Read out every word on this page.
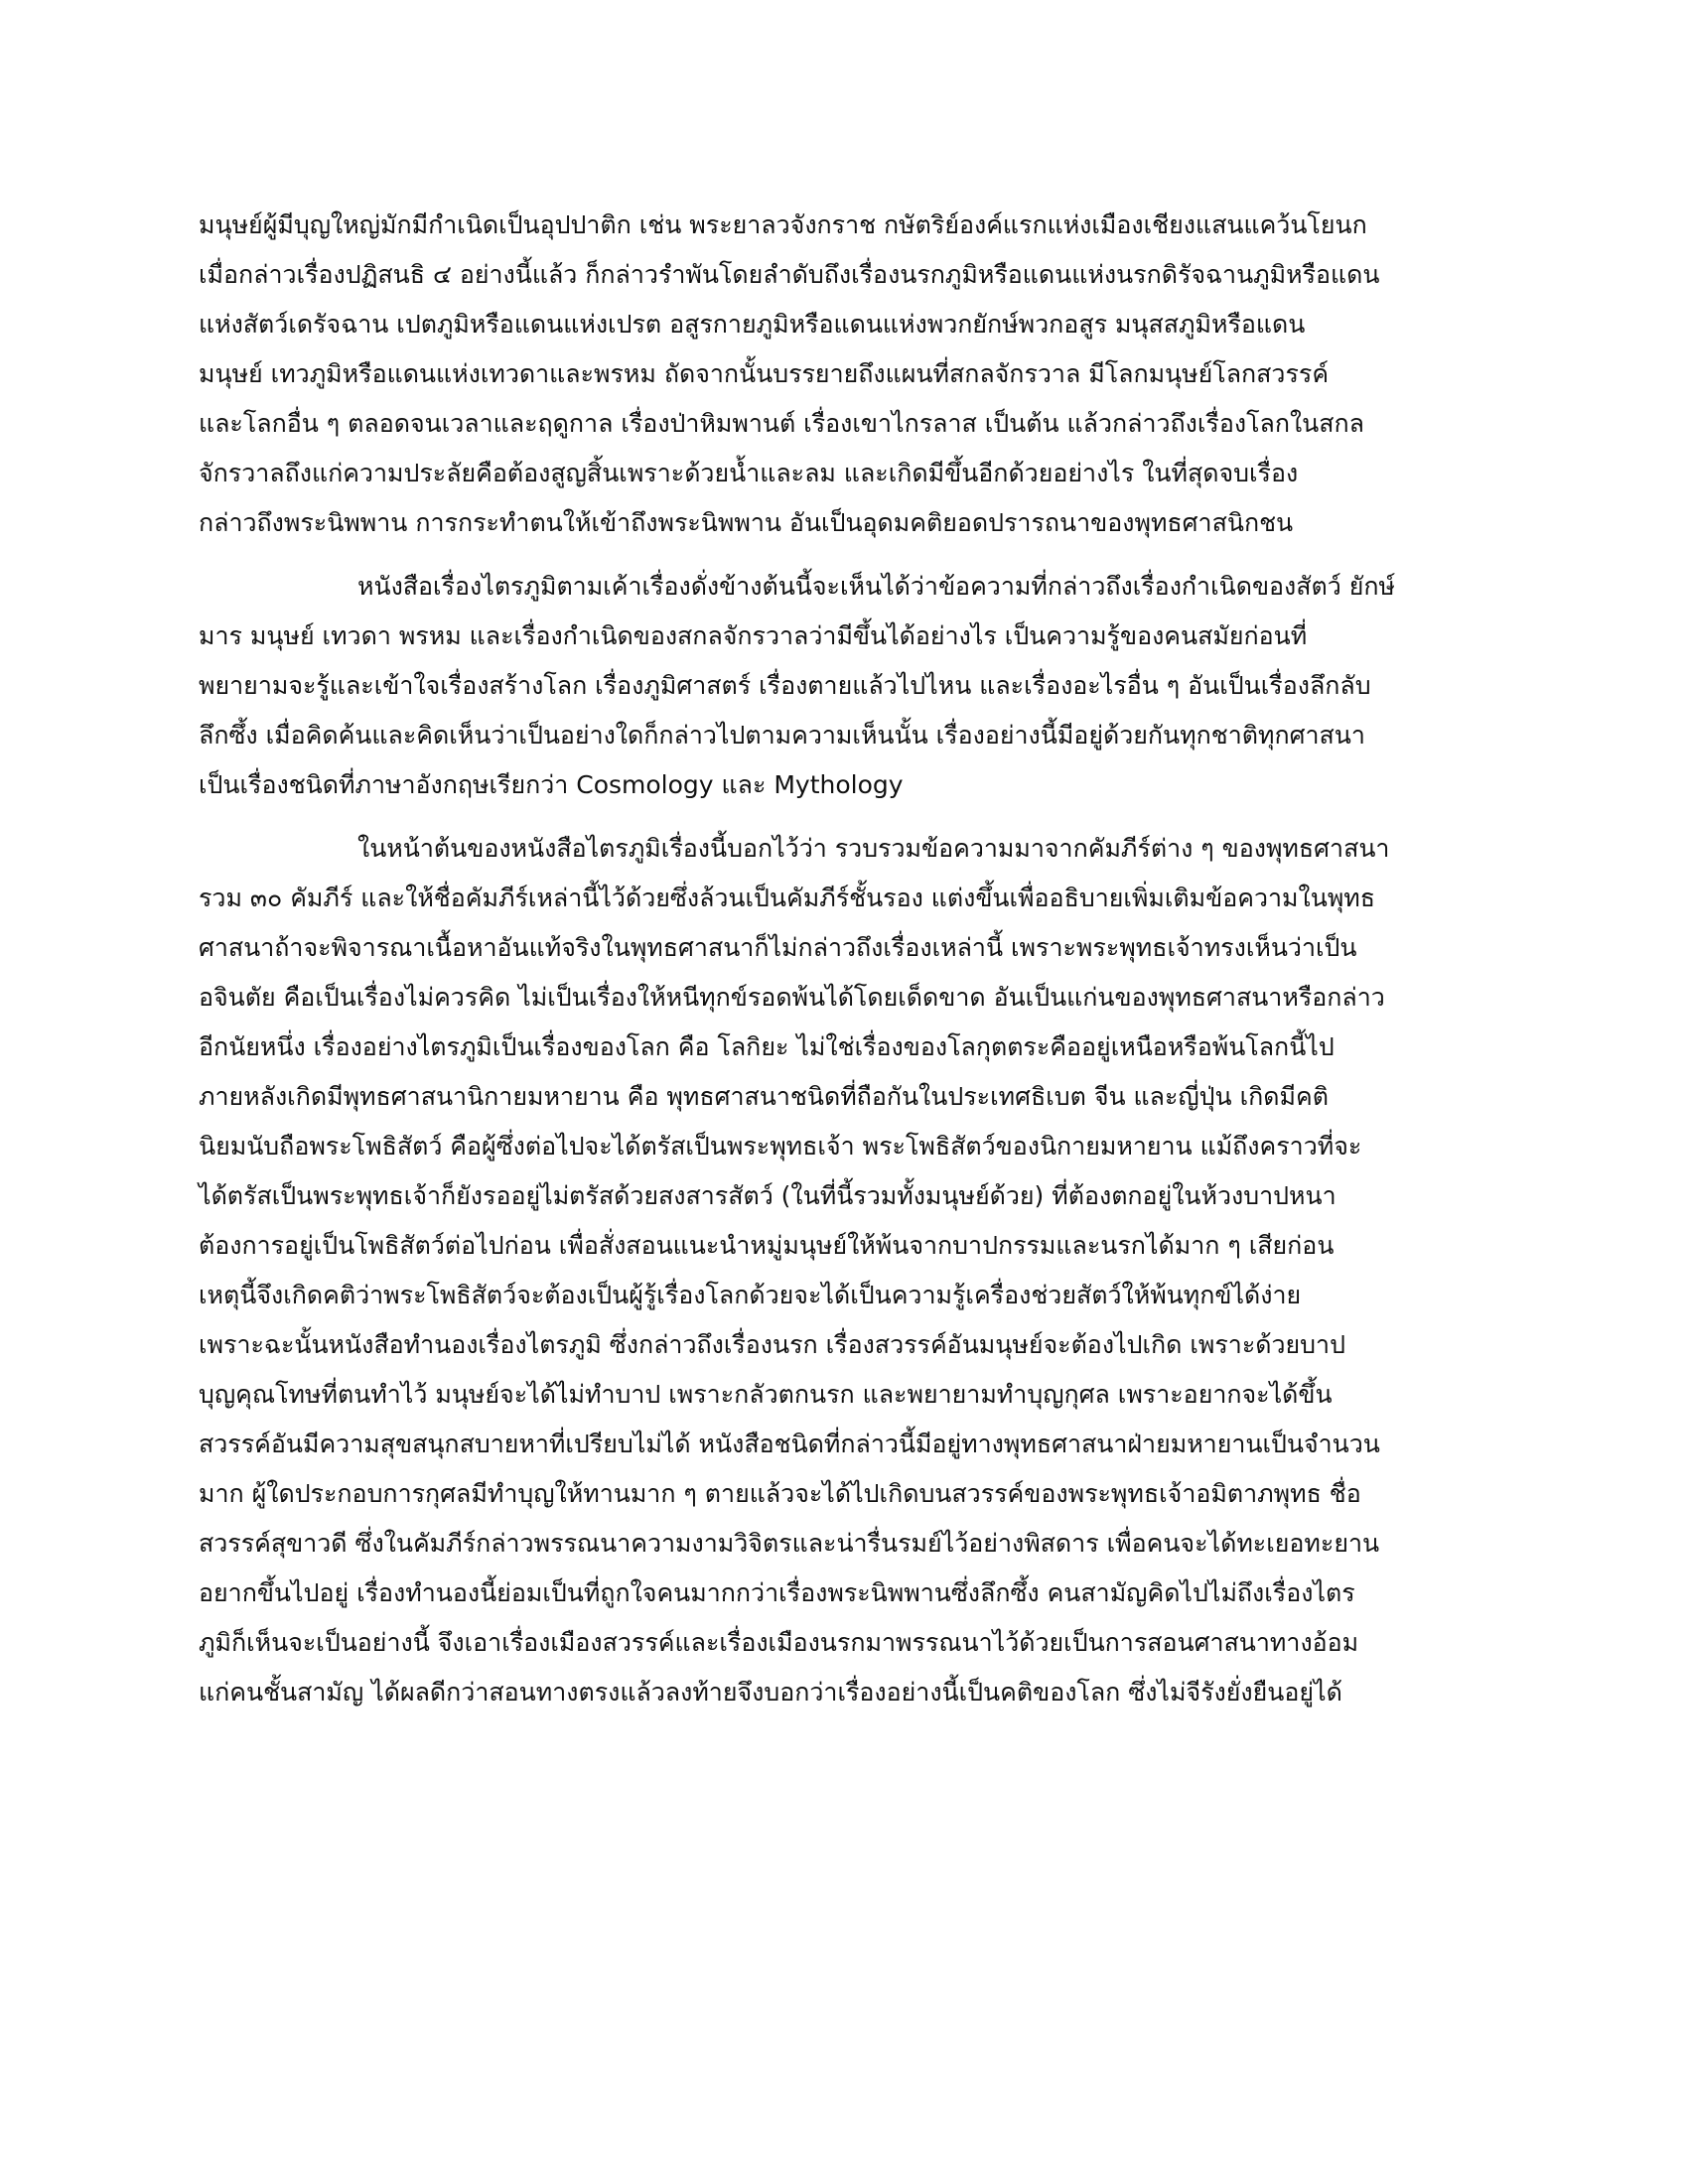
มนุษย์ผู้มีบุญใหญ่มักมีกำเนิดเป็นอุปปาติก เช่น พระยาลวจังกราช กษัตริย์องค์แรกแห่งเมืองเชียงแสนแคว้นโยนก
เมื่อกล่าวเรื่องปฏิสนธิ ๔ อย่างนี้แล้ว ก็กล่าวรำพันโดยลำดับถึงเรื่องนรกภูมิหรือแดนแห่งนรกดิรัจฉานภูมิหรือแดน
แห่งสัตว์เดรัจฉาน เปตภูมิหรือแดนแห่งเปรต อสูรกายภูมิหรือแดนแห่งพวกยักษ์พวกอสูร มนุสสภูมิหรือแดน
มนุษย์ เทวภูมิหรือแดนแห่งเทวดาและพรหม ถัดจากนั้นบรรยายถึงแผนที่สกลจักรวาล มีโลกมนุษย์โลกสวรรค์
และโลกอื่น ๆ ตลอดจนเวลาและฤดูกาล เรื่องป่าหิมพานต์ เรื่องเขาไกรลาส เป็นต้น แล้วกล่าวถึงเรื่องโลกในสกล
จักรวาลถึงแก่ความประลัยคือต้องสูญสิ้นเพราะด้วยน้ำและลม และเกิดมีขึ้นอีกด้วยอย่างไร ในที่สุดจบเรื่อง
กล่าวถึงพระนิพพาน การกระทำตนให้เข้าถึงพระนิพพาน อันเป็นอุดมคติยอดปรารถนาของพุทธศาสนิกชน
หนังสือเรื่องไตรภูมิตามเค้าเรื่องดั่งข้างต้นนี้จะเห็นได้ว่าข้อความที่กล่าวถึงเรื่องกำเนิดของสัตว์ ยักษ์
มาร มนุษย์ เทวดา พรหม และเรื่องกำเนิดของสกลจักรวาลว่ามีขึ้นได้อย่างไร เป็นความรู้ของคนสมัยก่อนที่
พยายามจะรู้และเข้าใจเรื่องสร้างโลก เรื่องภูมิศาสตร์ เรื่องตายแล้วไปไหน และเรื่องอะไรอื่น ๆ อันเป็นเรื่องลึกลับ
ลึกซึ้ง เมื่อคิดค้นและคิดเห็นว่าเป็นอย่างใดก็กล่าวไปตามความเห็นนั้น เรื่องอย่างนี้มีอยู่ด้วยกันทุกชาติทุกศาสนา
เป็นเรื่องชนิดที่ภาษาอังกฤษเรียกว่า Cosmology และ Mythology
ในหน้าต้นของหนังสือไตรภูมิเรื่องนี้บอกไว้ว่า รวบรวมข้อความมาจากคัมภีร์ต่าง ๆ ของพุทธศาสนา
รวม ๓๐ คัมภีร์ และให้ชื่อคัมภีร์เหล่านี้ไว้ด้วยซึ่งล้วนเป็นคัมภีร์ชั้นรอง แต่งขึ้นเพื่ออธิบายเพิ่มเติมข้อความในพุทธ
ศาสนาถ้าจะพิจารณาเนื้อหาอันแท้จริงในพุทธศาสนาก็ไม่กล่าวถึงเรื่องเหล่านี้ เพราะพระพุทธเจ้าทรงเห็นว่าเป็น
อจินตัย คือเป็นเรื่องไม่ควรคิด ไม่เป็นเรื่องให้หนีทุกข์รอดพ้นได้โดยเด็ดขาด อันเป็นแก่นของพุทธศาสนาหรือกล่าว
อีกนัยหนึ่ง เรื่องอย่างไตรภูมิเป็นเรื่องของโลก คือ โลกิยะ ไม่ใช่เรื่องของโลกุตตระคืออยู่เหนือหรือพ้นโลกนี้ไป
ภายหลังเกิดมีพุทธศาสนานิกายมหายาน คือ พุทธศาสนาชนิดที่ถือกันในประเทศธิเบต จีน และญี่ปุ่น เกิดมีคติ
นิยมนับถือพระโพธิสัตว์ คือผู้ซึ่งต่อไปจะได้ตรัสเป็นพระพุทธเจ้า พระโพธิสัตว์ของนิกายมหายาน แม้ถึงคราวที่จะ
ได้ตรัสเป็นพระพุทธเจ้าก็ยังรออยู่ไม่ตรัสด้วยสงสารสัตว์ (ในที่นี้รวมทั้งมนุษย์ด้วย) ที่ต้องตกอยู่ในห้วงบาปหนา
ต้องการอยู่เป็นโพธิสัตว์ต่อไปก่อน เพื่อสั่งสอนแนะนำหมู่มนุษย์ให้พ้นจากบาปกรรมและนรกได้มาก ๆ เสียก่อน
เหตุนี้จึงเกิดคติว่าพระโพธิสัตว์จะต้องเป็นผู้รู้เรื่องโลกด้วยจะได้เป็นความรู้เครื่องช่วยสัตว์ให้พ้นทุกข์ได้ง่าย
เพราะฉะนั้นหนังสือทำนองเรื่องไตรภูมิ ซึ่งกล่าวถึงเรื่องนรก เรื่องสวรรค์อันมนุษย์จะต้องไปเกิด เพราะด้วยบาป
บุญคุณโทษที่ตนทำไว้ มนุษย์จะได้ไม่ทำบาป เพราะกลัวตกนรก และพยายามทำบุญกุศล เพราะอยากจะได้ขึ้น
สวรรค์อันมีความสุขสนุกสบายหาที่เปรียบไม่ได้ หนังสือชนิดที่กล่าวนี้มีอยู่ทางพุทธศาสนาฝ่ายมหายานเป็นจำนวน
มาก ผู้ใดประกอบการกุศลมีทำบุญให้ทานมาก ๆ ตายแล้วจะได้ไปเกิดบนสวรรค์ของพระพุทธเจ้าอมิตาภพุทธ ชื่อ
สวรรค์สุขาวดี ซึ่งในคัมภีร์กล่าวพรรณนาความงามวิจิตรและน่ารื่นรมย์ไว้อย่างพิสดาร เพื่อคนจะได้ทะเยอทะยาน
อยากขึ้นไปอยู่ เรื่องทำนองนี้ย่อมเป็นที่ถูกใจคนมากกว่าเรื่องพระนิพพานซึ่งลึกซึ้ง คนสามัญคิดไปไม่ถึงเรื่องไตร
ภูมิก็เห็นจะเป็นอย่างนี้ จึงเอาเรื่องเมืองสวรรค์และเรื่องเมืองนรกมาพรรณนาไว้ด้วยเป็นการสอนศาสนาทางอ้อม
แก่คนชั้นสามัญ ได้ผลดีกว่าสอนทางตรงแล้วลงท้ายจึงบอกว่าเรื่องอย่างนี้เป็นคติของโลก ซึ่งไม่จีรังยั่งยืนอยู่ได้
